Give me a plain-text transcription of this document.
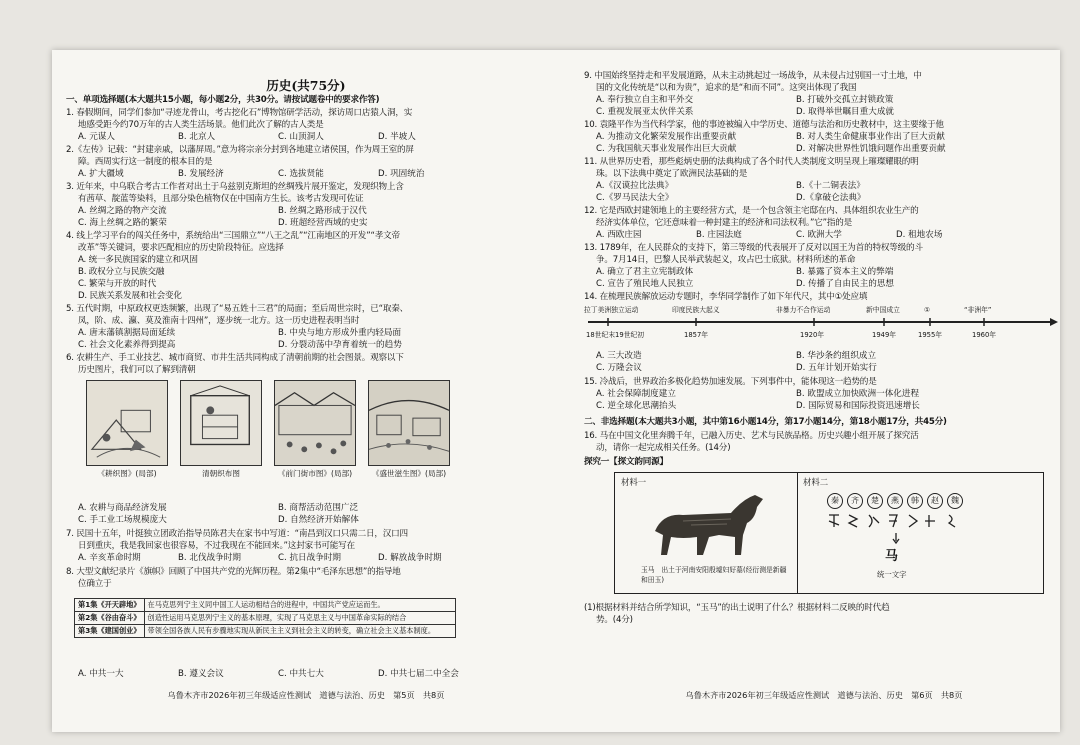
历史(共75分)
一、单项选择题(本大题共15小题，每小题2分，共30分。请按试题卷中的要求作答)
1. 春假期间，同学们参加“寻迹龙骨山，考古挖化石”博物馆研学活动，探访周口店猿人洞，实
地感受距今约70万年的古人类生活场景。他们此次了解的古人类是
A. 元谋人	B. 北京人	C. 山顶洞人	D. 半坡人
2.《左传》记载：“封建亲戚，以藩屏周。”意为将宗亲分封到各地建立诸侯国，作为周王室的屏
障。西周实行这一制度的根本目的是
A. 扩大疆域	B. 发展经济	C. 选拔贤能	D. 巩固统治
3. 近年来，中乌联合考古工作者对出土于乌兹别克斯坦的丝绸残片展开鉴定，发现织物上含
有茜草、靛蓝等染料，且部分染色植物仅在中国南方生长。该考古发现可佐证
A. 丝绸之路的物产交流	B. 丝绸之路形成于汉代
C. 海上丝绸之路的繁荣	D. 班超经营西域的史实
4. 线上学习平台的闯关任务中，系统给出“三国鼎立”“八王之乱”“江南地区的开发”“孝文帝
改革”等关键词，要求匹配相应的历史阶段特征。应选择
A. 统一多民族国家的建立和巩固
B. 政权分立与民族交融
C. 繁荣与开放的时代
D. 民族关系发展和社会变化
5. 五代时期，中原政权更迭频繁，出现了“易五姓十三君”的局面；至后周世宗时，已“取秦、
凤，阶、成、瀛、莫及淮南十四州”，逐步统一北方。这一历史进程表明当时
A. 唐末藩镇割据局面延续	B. 中央与地方形成外重内轻局面
C. 社会文化素养得到提高	D. 分裂动荡中孕育着统一的趋势
6. 农耕生产、手工业技艺、城市商贸、市井生活共同构成了清朝前期的社会图景。观察以下
历史图片，我们可以了解到清朝
《耕织图》(局部)	清朝织布图	《前门街市图》(局部)	《盛世滋生图》(局部)
A. 农耕与商品经济发展	B. 商帮活动范围广泛
C. 手工业工场规模庞大	D. 自然经济开始解体
7. 民国十五年，叶挺独立团政治指导员陈君夫在家书中写道：“南昌到汉口只需二日，汉口四
日到重庆，我是我回家也很容易，不过我现在不能回来。”这封家书可能写在
A. 辛亥革命时期	B. 北伐战争时期	C. 抗日战争时期	D. 解放战争时期
8. 大型文献纪录片《旗帜》回顾了中国共产党的光辉历程。第2集中“毛泽东思想”的指导地
位确立于
第1集《开天辟地》	在马克思列宁主义同中国工人运动相结合的进程中，中国共产党应运而生。
第2集《谷由奋斗》	创造性运用马克思列宁主义的基本原理，实现了马克思主义与中国革命实际的结合
第3集《建国创业》	带领全国各族人民有步骤地实现从新民主主义到社会主义的转变，确立社会主义基本制度。
A. 中共一大	B. 遵义会议	C. 中共七大	D. 中共七届二中全会
乌鲁木齐市2026年初三年级适应性测试　道德与法治、历史　第5页　共8页
9. 中国始终坚持走和平发展道路，从未主动挑起过一场战争，从未侵占过别国一寸土地，中
国的文化传统是“以和为贵”，追求的是“和而不同”。这突出体现了我国
A. 奉行独立自主和平外交	B. 打破外交孤立封锁政策
C. 重视发展亚太伙伴关系	D. 取得举世瞩目重大成就
10. 袁隆平作为当代科学家，他的事迹被编入中学历史、道德与法治和历史教材中，这主要缘于他
A. 为推动文化繁荣发展作出重要贡献	B. 对人类生命健康事业作出了巨大贡献
C. 为我国航天事业发展作出巨大贡献	D. 对解决世界性饥饿问题作出重要贡献
11. 从世界历史看，那些彪炳史册的法典构成了各个时代人类制度文明呈现上璀璨耀眼的明
珠。以下法典中奠定了欧洲民法基础的是
A.《汉谟拉比法典》	B.《十二铜表法》
C.《罗马民法大全》	D.《拿破仑法典》
12. 它是西欧封建领地上的主要经营方式，是一个包含领主宅邸在内、具体组织农业生产的
经济实体单位，它还意味着一种封建主的经济和司法权利。”它”指的是
A. 西欧庄园	B. 庄园法庭	C. 欧洲大学	D. 租地农场
13. 1789年，在人民群众的支持下，第三等级的代表展开了反对以国王为首的特权等级的斗
争。7月14日，巴黎人民举武装起义，攻占巴士底狱。材料所述的革命
A. 确立了君主立宪制政体	B. 暴露了资本主义的弊端
C. 宣告了殖民地人民独立	D. 传播了自由民主的思想
14. 在梳理民族解放运动专题时，李华同学制作了如下年代尺，其中①处应填
拉丁美洲独立运动	印度民族大起义	非暴力不合作运动	新中国成立	①	“非洲年”
18世纪末19世纪初	1857年	1920年	1949年	1955年	1960年
A. 三大改造	B. 华沙条约组织成立
C. 万隆会议	D. 五年计划开始实行
15. 冷战后，世界政治多极化趋势加速发展。下列事件中，能体现这一趋势的是
A. 社会保障制度建立	B. 欧盟成立加快欧洲一体化进程
C. 逆全球化思潮抬头	D. 国际贸易和国际投资迅速增长
二、非选择题(本大题共3小题，其中第16小题14分，第17小题14分，第18小题17分，共45分)
16. 马在中国文化里奔腾千年，已融入历史、艺术与民族品格。历史兴趣小组开展了探究活
动，请你一起完成相关任务。(14分)
探究一【探文韵同源】
材料一
玉马　出土于河南安阳殷墟妇好墓(经衍测是新疆和田玉)
材料二
秦	齐	楚	燕	韩	赵	魏
马
统一文字
(1)根据材料并结合所学知识，“玉马”的出土说明了什么？根据材料二反映的时代趋
势。(4分)
乌鲁木齐市2026年初三年级适应性测试　道德与法治、历史　第6页　共8页
